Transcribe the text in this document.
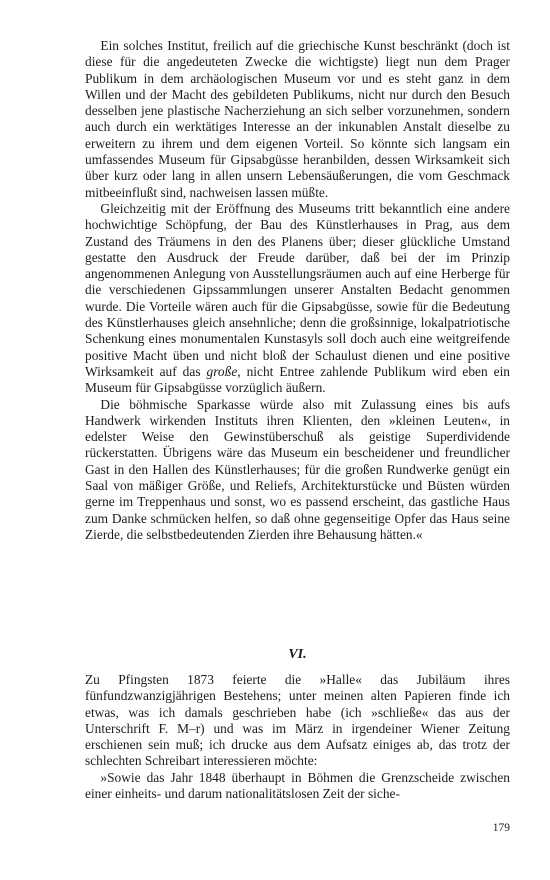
Ein solches Institut, freilich auf die griechische Kunst beschränkt (doch ist diese für die angedeuteten Zwecke die wichtigste) liegt nun dem Prager Publikum in dem archäologischen Museum vor und es steht ganz in dem Willen und der Macht des gebildeten Publikums, nicht nur durch den Besuch desselben jene plastische Nacherziehung an sich selber vorzunehmen, sondern auch durch ein werktätiges Interesse an der inkunablen Anstalt dieselbe zu erweitern zu ihrem und dem eigenen Vorteil. So könnte sich langsam ein umfassendes Museum für Gipsabgüsse heranbilden, dessen Wirksamkeit sich über kurz oder lang in allen unsern Lebensäußerungen, die vom Geschmack mitbeeinflußt sind, nachweisen lassen müßte.

Gleichzeitig mit der Eröffnung des Museums tritt bekanntlich eine andere hochwichtige Schöpfung, der Bau des Künstlerhauses in Prag, aus dem Zustand des Träumens in den des Planens über; dieser glückliche Umstand gestatte den Ausdruck der Freude darüber, daß bei der im Prinzip angenommenen Anlegung von Ausstellungsräumen auch auf eine Herberge für die verschiedenen Gipssammlungen unserer Anstalten Bedacht genommen wurde. Die Vorteile wären auch für die Gipsabgüsse, sowie für die Bedeutung des Künstlerhauses gleich ansehnliche; denn die großsinnige, lokalpatriotische Schenkung eines monumentalen Kunstasyls soll doch auch eine weitgreifende positive Macht üben und nicht bloß der Schaulust dienen und eine positive Wirksamkeit auf das große, nicht Entree zahlende Publikum wird eben ein Museum für Gipsabgüsse vorzüglich äußern.

Die böhmische Sparkasse würde also mit Zulassung eines bis aufs Handwerk wirkenden Instituts ihren Klienten, den »kleinen Leuten«, in edelster Weise den Gewinstüberschuß als geistige Superdividende rückerstatten. Übrigens wäre das Museum ein bescheidener und freundlicher Gast in den Hallen des Künstlerhauses; für die großen Rundwerke genügt ein Saal von mäßiger Größe, und Reliefs, Architekturstücke und Büsten würden gerne im Treppenhaus und sonst, wo es passend erscheint, das gastliche Haus zum Danke schmücken helfen, so daß ohne gegenseitige Opfer das Haus seine Zierde, die selbstbedeutenden Zierden ihre Behausung hätten.«

VI.

Zu Pfingsten 1873 feierte die »Halle« das Jubiläum ihres fünfundzwanzigjährigen Bestehens; unter meinen alten Papieren finde ich etwas, was ich damals geschrieben habe (ich »schließe« das aus der Unterschrift F. M–r) und was im März in irgendeiner Wiener Zeitung erschienen sein muß; ich drucke aus dem Aufsatz einiges ab, das trotz der schlechten Schreibart interessieren möchte:

»Sowie das Jahr 1848 überhaupt in Böhmen die Grenzscheide zwischen einer einheits- und darum nationalitätslosen Zeit der siche-

179
